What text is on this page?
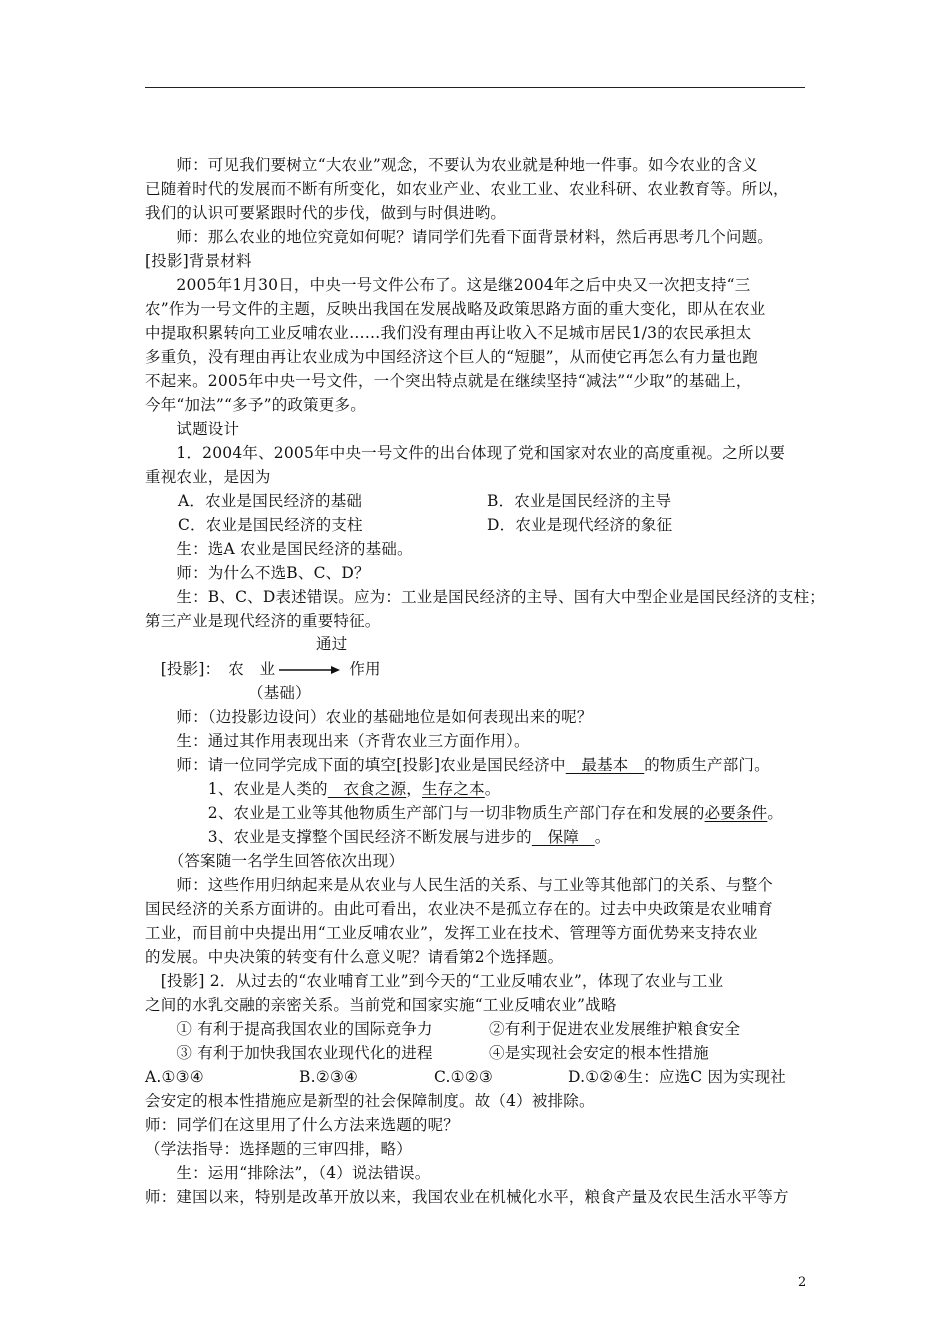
　　师：可见我们要树立“大农业”观念，不要认为农业就是种地一件事。如今农业的含义
已随着时代的发展而不断有所变化，如农业产业、农业工业、农业科研、农业教育等。所以，
我们的认识可要紧跟时代的步伐，做到与时俱进哟。
　　师：那么农业的地位究竟如何呢？请同学们先看下面背景材料，然后再思考几个问题。
[投影]背景材料
　　2005年1月30日，中央一号文件公布了。这是继2004年之后中央又一次把支持“三
农”作为一号文件的主题，反映出我国在发展战略及政策思路方面的重大变化，即从在农业
中提取积累转向工业反哺农业……我们没有理由再让收入不足城市居民1/3的农民承担太
多重负，没有理由再让农业成为中国经济这个巨人的“短腿”，从而使它再怎么有力量也跑
不起来。2005年中央一号文件，一个突出特点就是在继续坚持“减法”“少取”的基础上，
今年“加法”“多予”的政策更多。
　　试题设计
　　1．2004年、2005年中央一号文件的出台体现了党和国家对农业的高度重视。之所以要
重视农业，是因为
A．农业是国民经济的基础	B．农业是国民经济的主导
C．农业是国民经济的支柱	D．农业是现代经济的象征
　　生：选A 农业是国民经济的基础。
　　师：为什么不选B、C、D？
　　生：B、C、D表述错误。应为：工业是国民经济的主导、国有大中型企业是国民经济的支柱；
第三产业是现代经济的重要特征。
通过
　[投影]：　农　业	作用
（基础）
　　师：（边投影边设问）农业的基础地位是如何表现出来的呢？
　　生：通过其作用表现出来（齐背农业三方面作用）。
　　师：请一位同学完成下面的填空[投影]农业是国民经济中　最基本　的物质生产部门。
　　　　1、农业是人类的　衣食之源，生存之本。
　　　　2、农业是工业等其他物质生产部门与一切非物质生产部门存在和发展的必要条件。
　　　　3、农业是支撑整个国民经济不断发展与进步的　保障　。
　　（答案随一名学生回答依次出现）
　　师：这些作用归纳起来是从农业与人民生活的关系、与工业等其他部门的关系、与整个
国民经济的关系方面讲的。由此可看出，农业决不是孤立存在的。过去中央政策是农业哺育
工业，而目前中央提出用“工业反哺农业”，发挥工业在技术、管理等方面优势来支持农业
的发展。中央决策的转变有什么意义呢？请看第2个选择题。
　[投影] 2．从过去的“农业哺育工业”到今天的“工业反哺农业”，体现了农业与工业
之间的水乳交融的亲密关系。当前党和国家实施“工业反哺农业”战略
　　① 有利于提高我国农业的国际竞争力	②有利于促进农业发展维护粮食安全
　　③ 有利于加快我国农业现代化的进程	④是实现社会安定的根本性措施
A.①③④	B.②③④	C.①②③	D.①②④生：应选C 因为实现社
会安定的根本性措施应是新型的社会保障制度。故（4）被排除。
师：同学们在这里用了什么方法来选题的呢？
（学法指导：选择题的三审四排，略）
　　生：运用“排除法”，（4）说法错误。
师：建国以来，特别是改革开放以来，我国农业在机械化水平，粮食产量及农民生活水平等方
2
